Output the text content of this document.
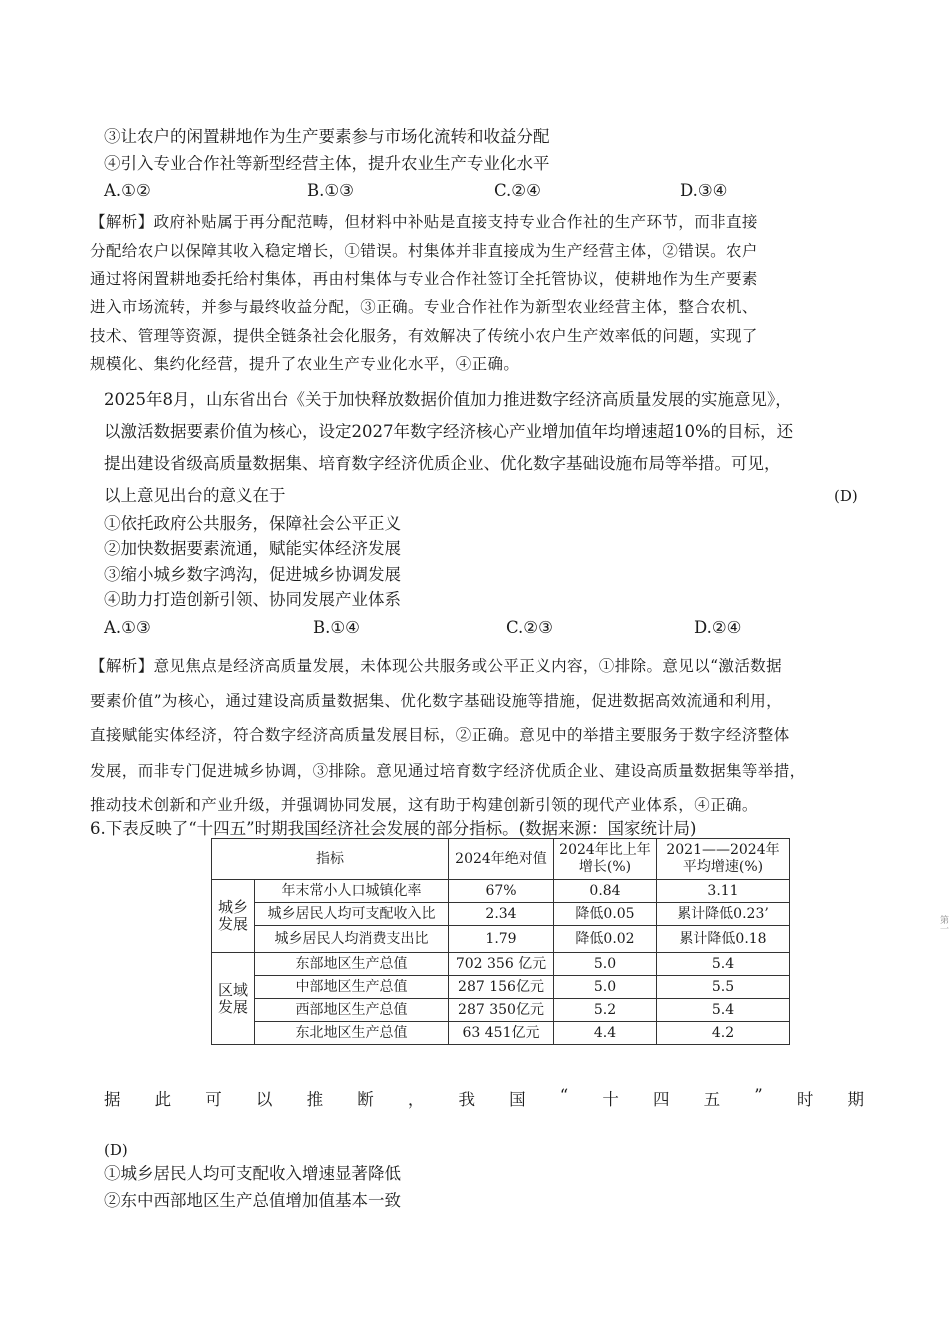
③让农户的闲置耕地作为生产要素参与市场化流转和收益分配
④引入专业合作社等新型经营主体，提升农业生产专业化水平
A.①②	B.①③	C.②④	D.③④
【解析】政府补贴属于再分配范畴，但材料中补贴是直接支持专业合作社的生产环节，而非直接
分配给农户以保障其收入稳定增长，①错误。村集体并非直接成为生产经营主体，②错误。农户
通过将闲置耕地委托给村集体，再由村集体与专业合作社签订全托管协议，使耕地作为生产要素
进入市场流转，并参与最终收益分配，③正确。专业合作社作为新型农业经营主体，整合农机、
技术、管理等资源，提供全链条社会化服务，有效解决了传统小农户生产效率低的问题，实现了
规模化、集约化经营，提升了农业生产专业化水平，④正确。
2025年8月，山东省出台《关于加快释放数据价值加力推进数字经济高质量发展的实施意见》，
以激活数据要素价值为核心，设定2027年数字经济核心产业增加值年均增速超10%的目标，还
提出建设省级高质量数据集、培育数字经济优质企业、优化数字基础设施布局等举措。可见，
以上意见出台的意义在于	(D)
①依托政府公共服务，保障社会公平正义
②加快数据要素流通，赋能实体经济发展
③缩小城乡数字鸿沟，促进城乡协调发展
④助力打造创新引领、协同发展产业体系
A.①③	B.①④	C.②③	D.②④
【解析】意见焦点是经济高质量发展，未体现公共服务或公平正义内容，①排除。意见以“激活数据
要素价值”为核心，通过建设高质量数据集、优化数字基础设施等措施，促进数据高效流通和利用，
直接赋能实体经济，符合数字经济高质量发展目标，②正确。意见中的举措主要服务于数字经济整体
发展，而非专门促进城乡协调，③排除。意见通过培育数字经济优质企业、建设高质量数据集等举措，
推动技术创新和产业升级，并强调协同发展，这有助于构建创新引领的现代产业体系，④正确。
6.下表反映了“十四五”时期我国经济社会发展的部分指标。(数据来源：国家统计局)
指标		2024年绝对值	2024年比上年增长(%)	2021——2024年平均增速(%)
城乡发展	年末常小人口城镇化率	67%	0.84	3.11
	城乡居民人均可支配收入比	2.34	降低0.05	累计降低0.23’
	城乡居民人均消费支出比	1.79	降低0.02	累计降低0.18
区域发展	东部地区生产总值	702 356 亿元	5.0	5.4
	中部地区生产总值	287 156亿元	5.0	5.5
	西部地区生产总值	287 350亿元	5.2	5.4
	东北地区生产总值	63 451亿元	4.4	4.2
据 此 可 以 推 断 ， 我 国 “ 十 四 五 ” 时 期
(D)
①城乡居民人均可支配收入增速显著降低
②东中西部地区生产总值增加值基本一致
第一
